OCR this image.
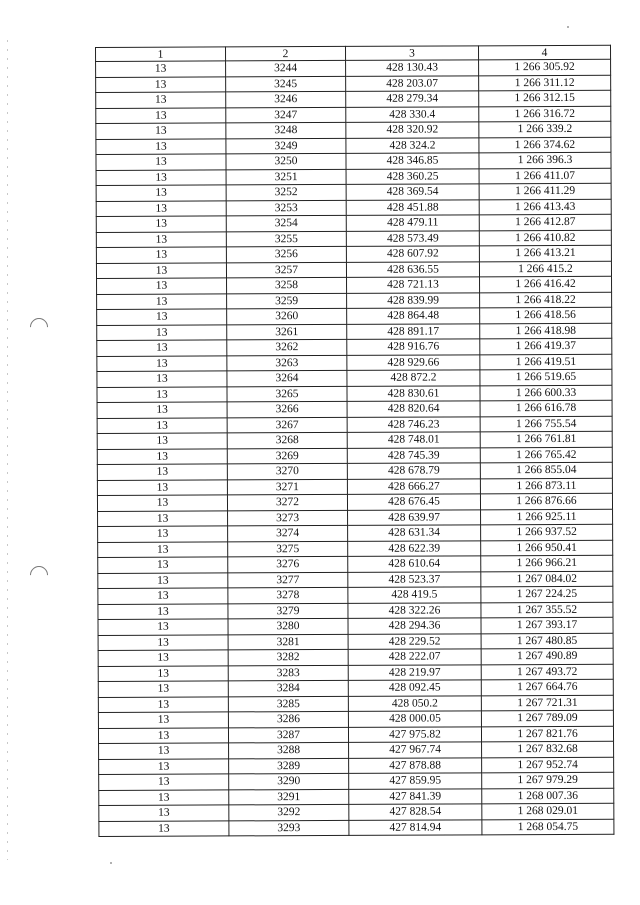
1	2	3	4
13	3244	428 130.43	1 266 305.92
13	3245	428 203.07	1 266 311.12
13	3246	428 279.34	1 266 312.15
13	3247	428 330.4	1 266 316.72
13	3248	428 320.92	1 266 339.2
13	3249	428 324.2	1 266 374.62
13	3250	428 346.85	1 266 396.3
13	3251	428 360.25	1 266 411.07
13	3252	428 369.54	1 266 411.29
13	3253	428 451.88	1 266 413.43
13	3254	428 479.11	1 266 412.87
13	3255	428 573.49	1 266 410.82
13	3256	428 607.92	1 266 413.21
13	3257	428 636.55	1 266 415.2
13	3258	428 721.13	1 266 416.42
13	3259	428 839.99	1 266 418.22
13	3260	428 864.48	1 266 418.56
13	3261	428 891.17	1 266 418.98
13	3262	428 916.76	1 266 419.37
13	3263	428 929.66	1 266 419.51
13	3264	428 872.2	1 266 519.65
13	3265	428 830.61	1 266 600.33
13	3266	428 820.64	1 266 616.78
13	3267	428 746.23	1 266 755.54
13	3268	428 748.01	1 266 761.81
13	3269	428 745.39	1 266 765.42
13	3270	428 678.79	1 266 855.04
13	3271	428 666.27	1 266 873.11
13	3272	428 676.45	1 266 876.66
13	3273	428 639.97	1 266 925.11
13	3274	428 631.34	1 266 937.52
13	3275	428 622.39	1 266 950.41
13	3276	428 610.64	1 266 966.21
13	3277	428 523.37	1 267 084.02
13	3278	428 419.5	1 267 224.25
13	3279	428 322.26	1 267 355.52
13	3280	428 294.36	1 267 393.17
13	3281	428 229.52	1 267 480.85
13	3282	428 222.07	1 267 490.89
13	3283	428 219.97	1 267 493.72
13	3284	428 092.45	1 267 664.76
13	3285	428 050.2	1 267 721.31
13	3286	428 000.05	1 267 789.09
13	3287	427 975.82	1 267 821.76
13	3288	427 967.74	1 267 832.68
13	3289	427 878.88	1 267 952.74
13	3290	427 859.95	1 267 979.29
13	3291	427 841.39	1 268 007.36
13	3292	427 828.54	1 268 029.01
13	3293	427 814.94	1 268 054.75
